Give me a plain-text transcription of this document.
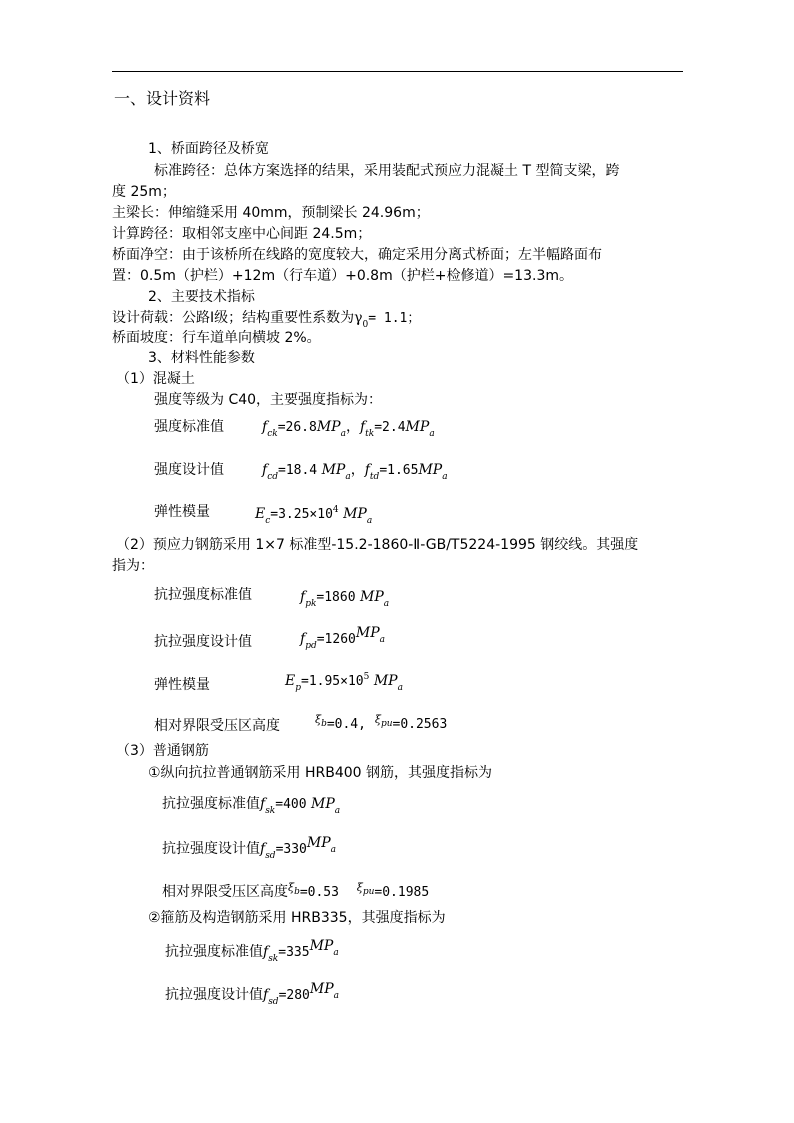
一、设计资料
1、桥面跨径及桥宽
标准跨径：总体方案选择的结果，采用装配式预应力混凝土 T 型简支梁，跨
度 25m；
主梁长：伸缩缝采用 40mm，预制梁长 24.96m；
计算跨径：取相邻支座中心间距 24.5m；
桥面净空：由于该桥所在线路的宽度较大，确定采用分离式桥面；左半幅路面布
置：0.5m（护栏）+12m（行车道）+0.8m（护栏+检修道）=13.3m。
2、主要技术指标
设计荷载：公路Ⅰ级；结构重要性系数为$\gamma_0= 1.1$；
桥面坡度：行车道单向横坡 2%。
3、材料性能参数
（1）混凝土
强度等级为 C40，主要强度指标为：
强度标准值	$f_{ck}=26.8MP_a$，$f_{tk}=2.4MP_a$
强度设计值	$f_{cd}=18.4$ $MP_a$，$f_{td}=1.65MP_a$
弹性模量	$E_c=3.25\times 10^4$ $MP_a$
（2）预应力钢筋采用 1×7 标准型-15.2-1860-Ⅱ-GB/T5224-1995 钢绞线。其强度
指为：
抗拉强度标准值	$f_{pk}=1860$ $MP_a$
抗拉强度设计值	$f_{pd}=1260MPa$
弹性模量	$E_p=1.95\times 10^5$ $MP_a$
相对界限受压区高度	$^\xi$b=0.4, $^\xi$pu=0.2563
（3）普通钢筋
①纵向抗拉普通钢筋采用 HRB400 钢筋，其强度指标为
抗拉强度标准值$f_{sk}=400$ $MP_a$
抗拉强度设计值$f_{sd}=330MPa$
相对界限受压区高度$^\xi$b=0.53 $^\xi$pu=0.1985
②箍筋及构造钢筋采用 HRB335，其强度指标为
抗拉强度标准值$f_{sk}=335MPa$
抗拉强度设计值$f_{sd}=280MPa$
